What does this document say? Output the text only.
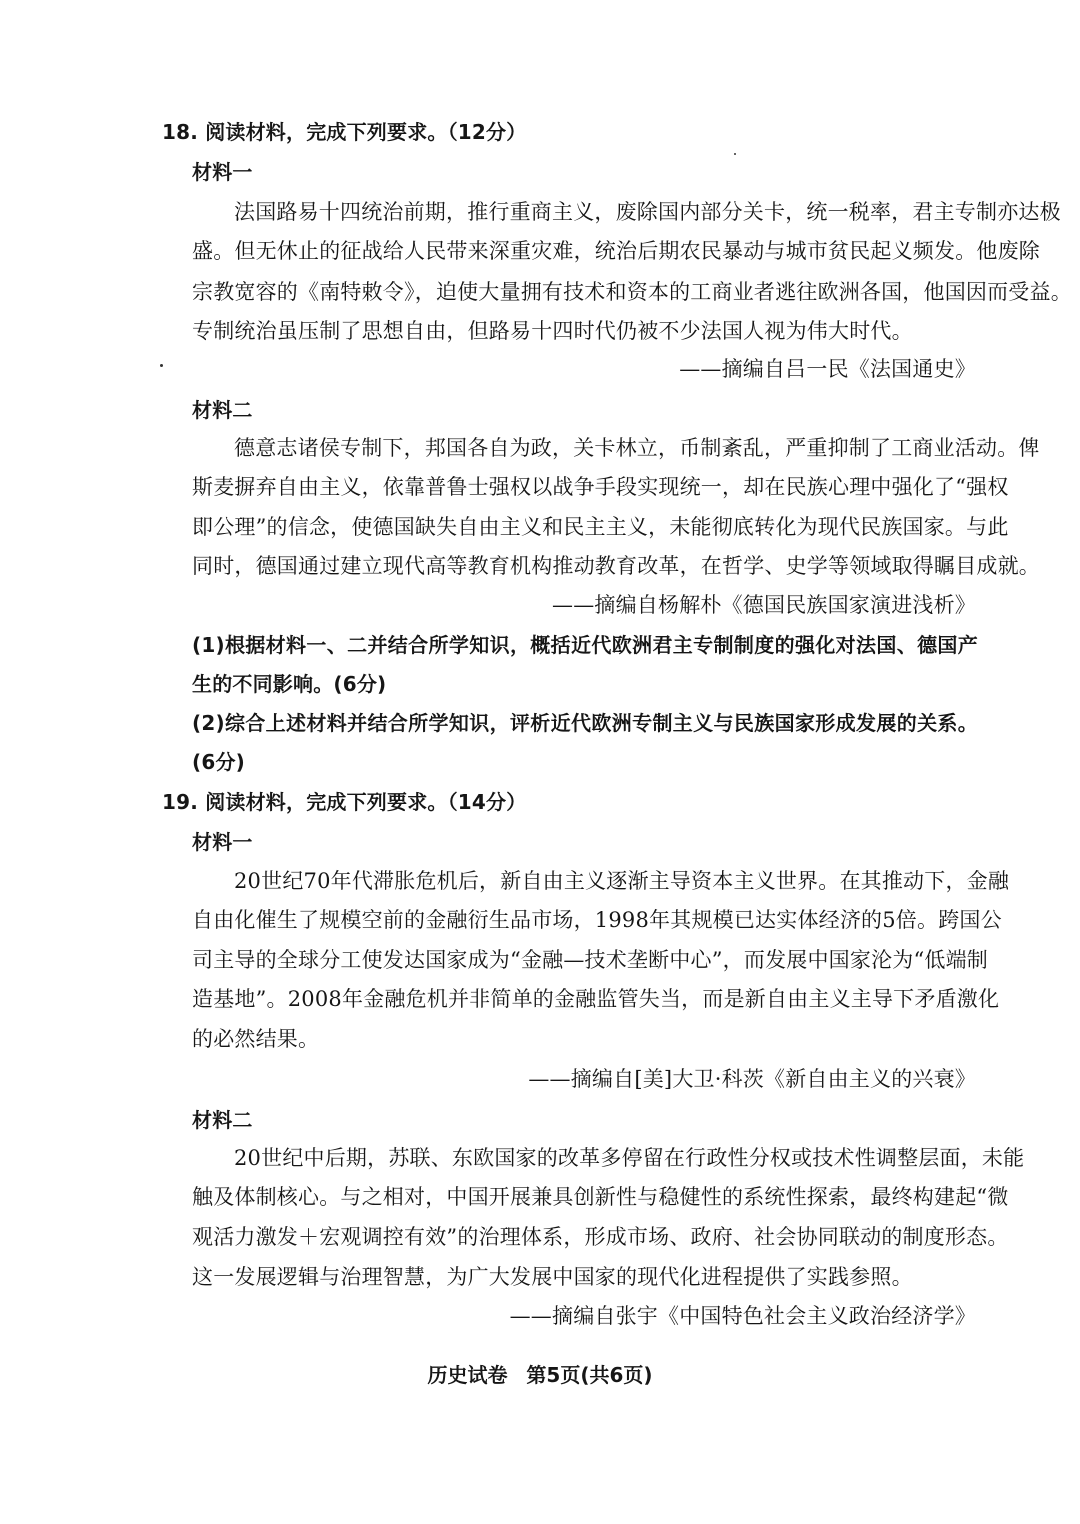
18. 阅读材料，完成下列要求。（12分）
材料一
法国路易十四统治前期，推行重商主义，废除国内部分关卡，统一税率，君主专制亦达极
盛。但无休止的征战给人民带来深重灾难，统治后期农民暴动与城市贫民起义频发。他废除
宗教宽容的《南特敕令》，迫使大量拥有技术和资本的工商业者逃往欧洲各国，他国因而受益。
专制统治虽压制了思想自由，但路易十四时代仍被不少法国人视为伟大时代。
——摘编自吕一民《法国通史》
材料二
德意志诸侯专制下，邦国各自为政，关卡林立，币制紊乱，严重抑制了工商业活动。俾
斯麦摒弃自由主义，依靠普鲁士强权以战争手段实现统一，却在民族心理中强化了“强权
即公理”的信念，使德国缺失自由主义和民主主义，未能彻底转化为现代民族国家。与此
同时，德国通过建立现代高等教育机构推动教育改革，在哲学、史学等领域取得瞩目成就。
——摘编自杨解朴《德国民族国家演进浅析》
(1)根据材料一、二并结合所学知识，概括近代欧洲君主专制制度的强化对法国、德国产
生的不同影响。(6分)
(2)综合上述材料并结合所学知识，评析近代欧洲专制主义与民族国家形成发展的关系。
(6分)
19. 阅读材料，完成下列要求。（14分）
材料一
20世纪70年代滞胀危机后，新自由主义逐渐主导资本主义世界。在其推动下，金融
自由化催生了规模空前的金融衍生品市场，1998年其规模已达实体经济的5倍。跨国公
司主导的全球分工使发达国家成为“金融—技术垄断中心”，而发展中国家沦为“低端制
造基地”。2008年金融危机并非简单的金融监管失当，而是新自由主义主导下矛盾激化
的必然结果。
——摘编自[美]大卫·科茨《新自由主义的兴衰》
材料二
20世纪中后期，苏联、东欧国家的改革多停留在行政性分权或技术性调整层面，未能
触及体制核心。与之相对，中国开展兼具创新性与稳健性的系统性探索，最终构建起“微
观活力激发＋宏观调控有效”的治理体系，形成市场、政府、社会协同联动的制度形态。
这一发展逻辑与治理智慧，为广大发展中国家的现代化进程提供了实践参照。
——摘编自张宇《中国特色社会主义政治经济学》
历史试卷 第5页(共6页)
